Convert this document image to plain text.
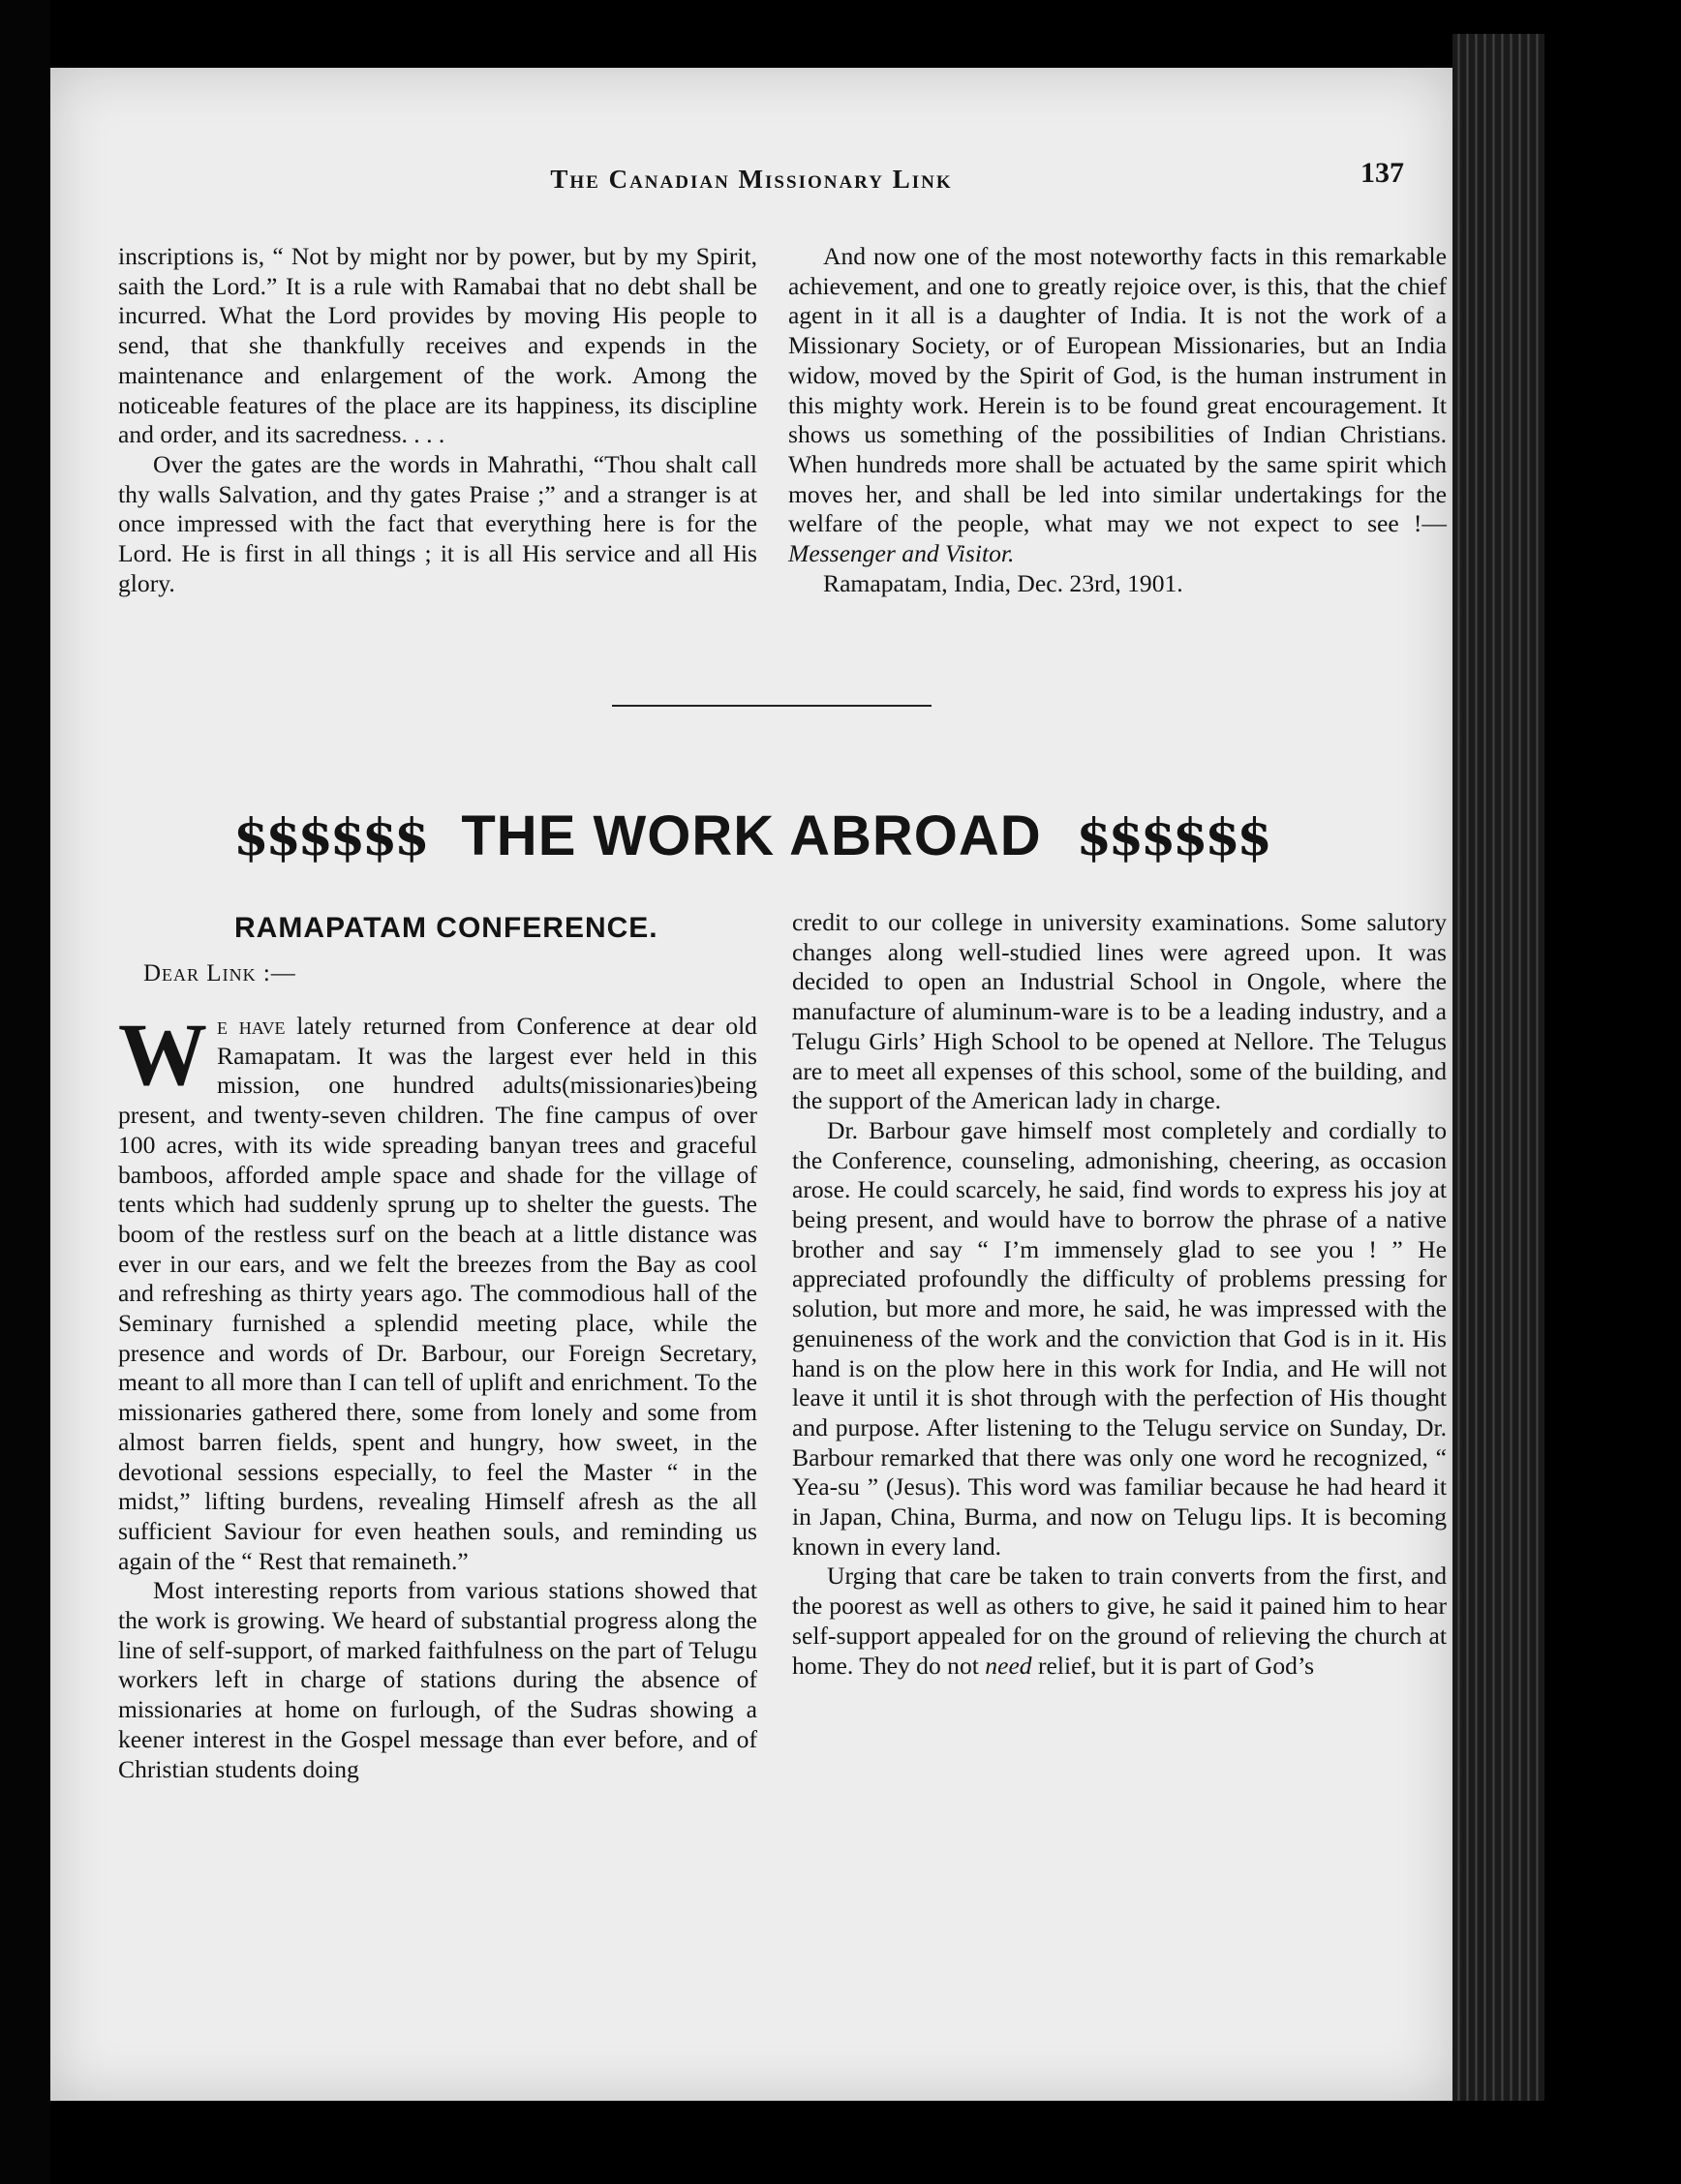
The Canadian Missionary Link	137

inscriptions is, “ Not by might nor by power, but by my Spirit, saith the Lord.” It is a rule with Ramabai that no debt shall be incurred. What the Lord provides by moving His people to send, that she thankfully receives and expends in the maintenance and enlargement of the work. Among the noticeable features of the place are its happiness, its discipline and order, and its sacredness. . . .

Over the gates are the words in Mahrathi, “Thou shalt call thy walls Salvation, and thy gates Praise ;” and a stranger is at once impressed with the fact that everything here is for the Lord. He is first in all things ; it is all His service and all His glory.

And now one of the most noteworthy facts in this remarkable achievement, and one to greatly rejoice over, is this, that the chief agent in it all is a daughter of India. It is not the work of a Missionary Society, or of European Missionaries, but an India widow, moved by the Spirit of God, is the human instrument in this mighty work. Herein is to be found great encouragement. It shows us something of the possibilities of Indian Christians. When hundreds more shall be actuated by the same spirit which moves her, and shall be led into similar undertakings for the welfare of the people, what may we not expect to see !—Messenger and Visitor.

Ramapatam, India, Dec. 23rd, 1901.

$$$$$$ THE WORK ABROAD $$$$$$
RAMAPATAM CONFERENCE.
Dear Link :—

We have lately returned from Conference at dear old Ramapatam. It was the largest ever held in this mission, one hundred adults(missionaries)being present, and twenty-seven children. The fine campus of over 100 acres, with its wide spreading banyan trees and graceful bamboos, afforded ample space and shade for the village of tents which had suddenly sprung up to shelter the guests. The boom of the restless surf on the beach at a little distance was ever in our ears, and we felt the breezes from the Bay as cool and refreshing as thirty years ago. The commodious hall of the Seminary furnished a splendid meeting place, while the presence and words of Dr. Barbour, our Foreign Secretary, meant to all more than I can tell of uplift and enrichment. To the missionaries gathered there, some from lonely and some from almost barren fields, spent and hungry, how sweet, in the devotional sessions especially, to feel the Master “ in the midst,” lifting burdens, revealing Himself afresh as the all sufficient Saviour for even heathen souls, and reminding us again of the “ Rest that remaineth.”

Most interesting reports from various stations showed that the work is growing. We heard of substantial progress along the line of self-support, of marked faithfulness on the part of Telugu workers left in charge of stations during the absence of missionaries at home on furlough, of the Sudras showing a keener interest in the Gospel message than ever before, and of Christian students doing

credit to our college in university examinations. Some salutory changes along well-studied lines were agreed upon. It was decided to open an Industrial School in Ongole, where the manufacture of aluminum-ware is to be a leading industry, and a Telugu Girls’ High School to be opened at Nellore. The Telugus are to meet all expenses of this school, some of the building, and the support of the American lady in charge.

Dr. Barbour gave himself most completely and cordially to the Conference, counseling, admonishing, cheering, as occasion arose. He could scarcely, he said, find words to express his joy at being present, and would have to borrow the phrase of a native brother and say “ I’m immensely glad to see you ! ” He appreciated profoundly the difficulty of problems pressing for solution, but more and more, he said, he was impressed with the genuineness of the work and the conviction that God is in it. His hand is on the plow here in this work for India, and He will not leave it until it is shot through with the perfection of His thought and purpose. After listening to the Telugu service on Sunday, Dr. Barbour remarked that there was only one word he recognized, “ Yea-su ” (Jesus). This word was familiar because he had heard it in Japan, China, Burma, and now on Telugu lips. It is becoming known in every land.

Urging that care be taken to train converts from the first, and the poorest as well as others to give, he said it pained him to hear self-support appealed for on the ground of relieving the church at home. They do not need relief, but it is part of God’s
